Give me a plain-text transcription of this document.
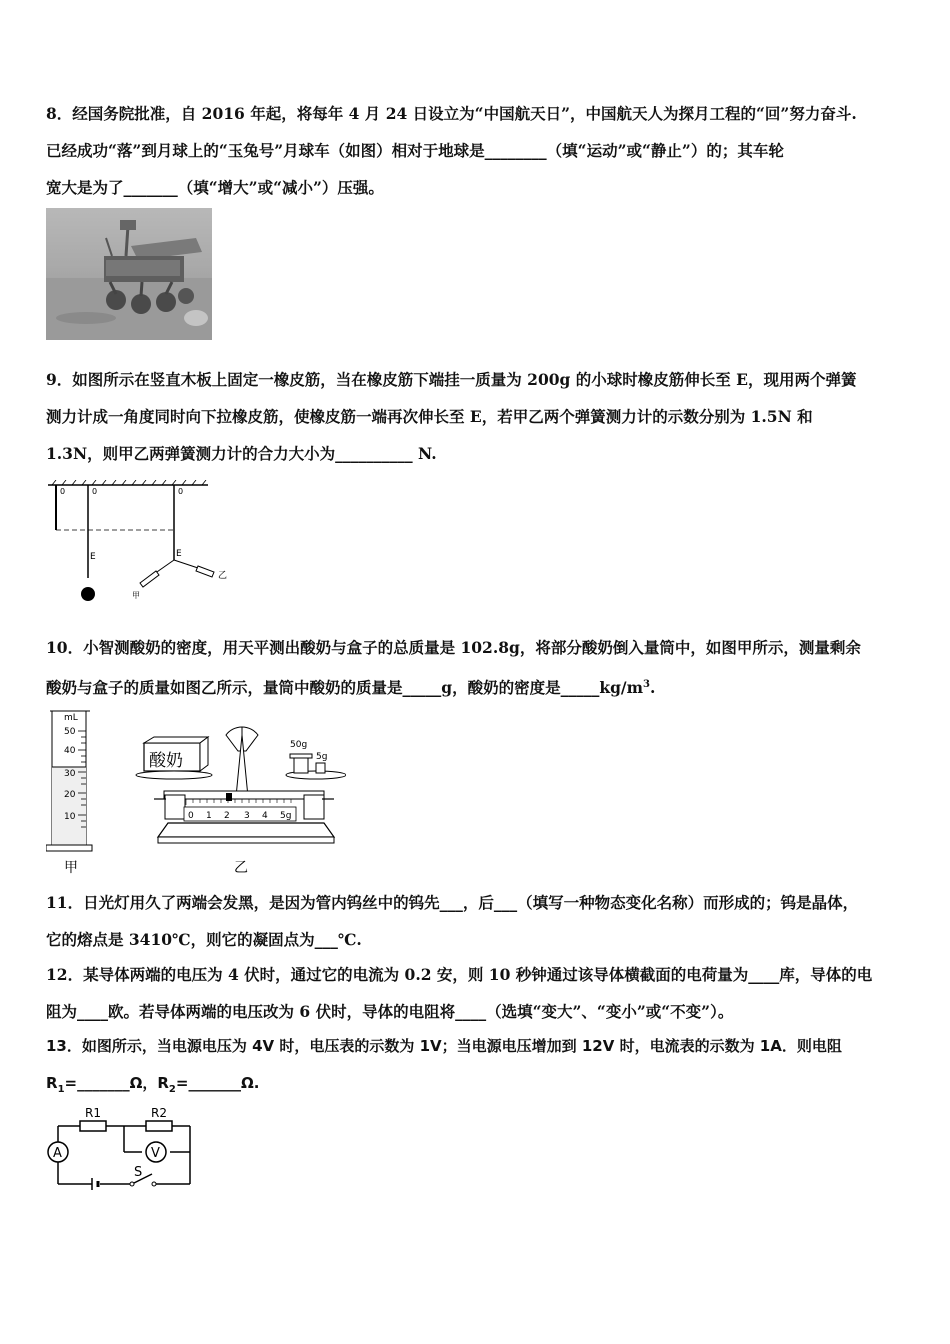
8．经国务院批准，自 2016 年起，将每年 4 月 24 日设立为“中国航天日”，中国航天人为探月工程的“回”努力奋斗.
已经成功“落”到月球上的“玉兔号”月球车（如图）相对于地球是________（填“运动”或“静止”）的；其车轮
宽大是为了_______（填“增大”或“减小”）压强。
9．如图所示在竖直木板上固定一橡皮筋，当在橡皮筋下端挂一质量为 200g 的小球时橡皮筋伸长至 E，现用两个弹簧
测力计成一角度同时向下拉橡皮筋，使橡皮筋一端再次伸长至 E，若甲乙两个弹簧测力计的示数分别为 1.5N 和
1.3N，则甲乙两弹簧测力计的合力大小为__________ N.
0	0	0
E	E
甲
乙
10．小智测酸奶的密度，用天平测出酸奶与盒子的总质量是 102.8g，将部分酸奶倒入量筒中，如图甲所示，测量剩余
酸奶与盒子的质量如图乙所示，量筒中酸奶的质量是_____g，酸奶的密度是$\_\_\_\_\_kg/m^3$.
mL
50
40
30
20
10
甲
酸奶
50g
5g
0 1 2 3 4 5g
乙
11．日光灯用久了两端会发黑，是因为管内钨丝中的钨先___，后___（填写一种物态变化名称）而形成的；钨是晶体，
它的熔点是 3410℃，则它的凝固点为___℃.
12．某导体两端的电压为 4 伏时，通过它的电流为 0.2 安，则 10 秒钟通过该导体横截面的电荷量为____库，导体的电
阻为____欧。若导体两端的电压改为 6 伏时，导体的电阻将____（选填“变大”、“变小”或“不变”）。
13．如图所示，当电源电压为 4V 时，电压表的示数为 1V；当电源电压增加到 12V 时，电流表的示数为 1A．则电阻
$R_1=\_\_\_\_\_\_\_\Omega$，$R_2=\_\_\_\_\_\_\_\Omega$.
R1	R2
A	V
S
